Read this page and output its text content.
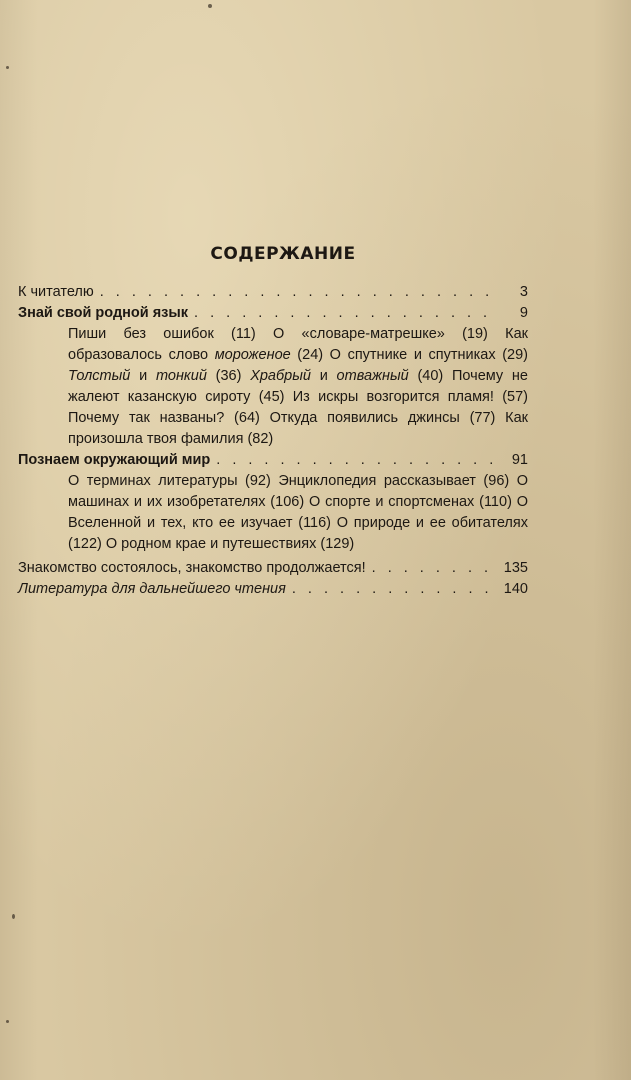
СОДЕРЖАНИЕ
К читателю . . .	3
Знай свой родной язык . . .	9
Пиши без ошибок (11) О «словаре-матрешке» (19) Как образовалось слово мороженое (24) О спутнике и спутниках (29) Толстый и тонкий (36) Храбрый и отважный (40) Почему не жалеют казанскую сироту (45) Из искры возгорится пламя! (57) Почему так названы? (64) Откуда появились джинсы (77) Как произошла твоя фамилия (82)
Познаем окружающий мир . . .	91
О терминах литературы (92) Энциклопедия рассказывает (96) О машинах и их изобретателях (106) О спорте и спортсменах (110) О Вселенной и тех, кто ее изучает (116) О природе и ее обитателях (122) О родном крае и путешествиях (129)
Знакомство состоялось, знакомство продолжается! . . .	135
Литература для дальнейшего чтения . . .	140
